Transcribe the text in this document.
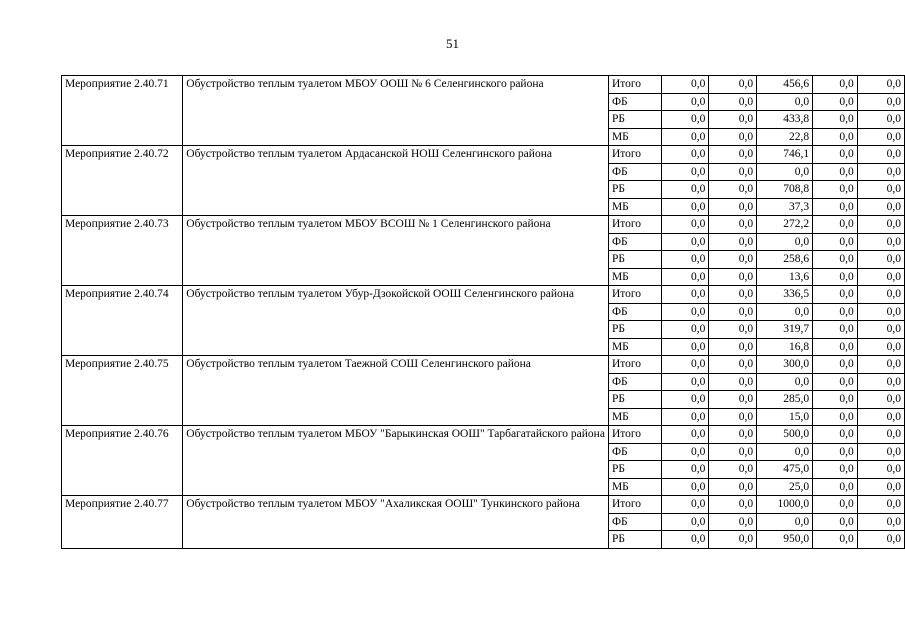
51
Мероприятие 2.40.71	Обустройство теплым туалетом МБОУ ООШ № 6 Селенгинского района	Итого	0,0	0,0	456,6	0,0	0,0
		ФБ	0,0	0,0	0,0	0,0	0,0
		РБ	0,0	0,0	433,8	0,0	0,0
		МБ	0,0	0,0	22,8	0,0	0,0
Мероприятие 2.40.72	Обустройство теплым туалетом Ардасанской НОШ Селенгинского района	Итого	0,0	0,0	746,1	0,0	0,0
		ФБ	0,0	0,0	0,0	0,0	0,0
		РБ	0,0	0,0	708,8	0,0	0,0
		МБ	0,0	0,0	37,3	0,0	0,0
Мероприятие 2.40.73	Обустройство теплым туалетом МБОУ ВСОШ № 1 Селенгинского района	Итого	0,0	0,0	272,2	0,0	0,0
		ФБ	0,0	0,0	0,0	0,0	0,0
		РБ	0,0	0,0	258,6	0,0	0,0
		МБ	0,0	0,0	13,6	0,0	0,0
Мероприятие 2.40.74	Обустройство теплым туалетом Убур-Дзокойской ООШ Селенгинского района	Итого	0,0	0,0	336,5	0,0	0,0
		ФБ	0,0	0,0	0,0	0,0	0,0
		РБ	0,0	0,0	319,7	0,0	0,0
		МБ	0,0	0,0	16,8	0,0	0,0
Мероприятие 2.40.75	Обустройство теплым туалетом Таежной СОШ Селенгинского района	Итого	0,0	0,0	300,0	0,0	0,0
		ФБ	0,0	0,0	0,0	0,0	0,0
		РБ	0,0	0,0	285,0	0,0	0,0
		МБ	0,0	0,0	15,0	0,0	0,0
Мероприятие 2.40.76	Обустройство теплым туалетом МБОУ "Барыкинская ООШ" Тарбагатайского района	Итого	0,0	0,0	500,0	0,0	0,0
		ФБ	0,0	0,0	0,0	0,0	0,0
		РБ	0,0	0,0	475,0	0,0	0,0
		МБ	0,0	0,0	25,0	0,0	0,0
Мероприятие 2.40.77	Обустройство теплым туалетом МБОУ "Ахаликская ООШ" Тункинского района	Итого	0,0	0,0	1000,0	0,0	0,0
		ФБ	0,0	0,0	0,0	0,0	0,0
		РБ	0,0	0,0	950,0	0,0	0,0
